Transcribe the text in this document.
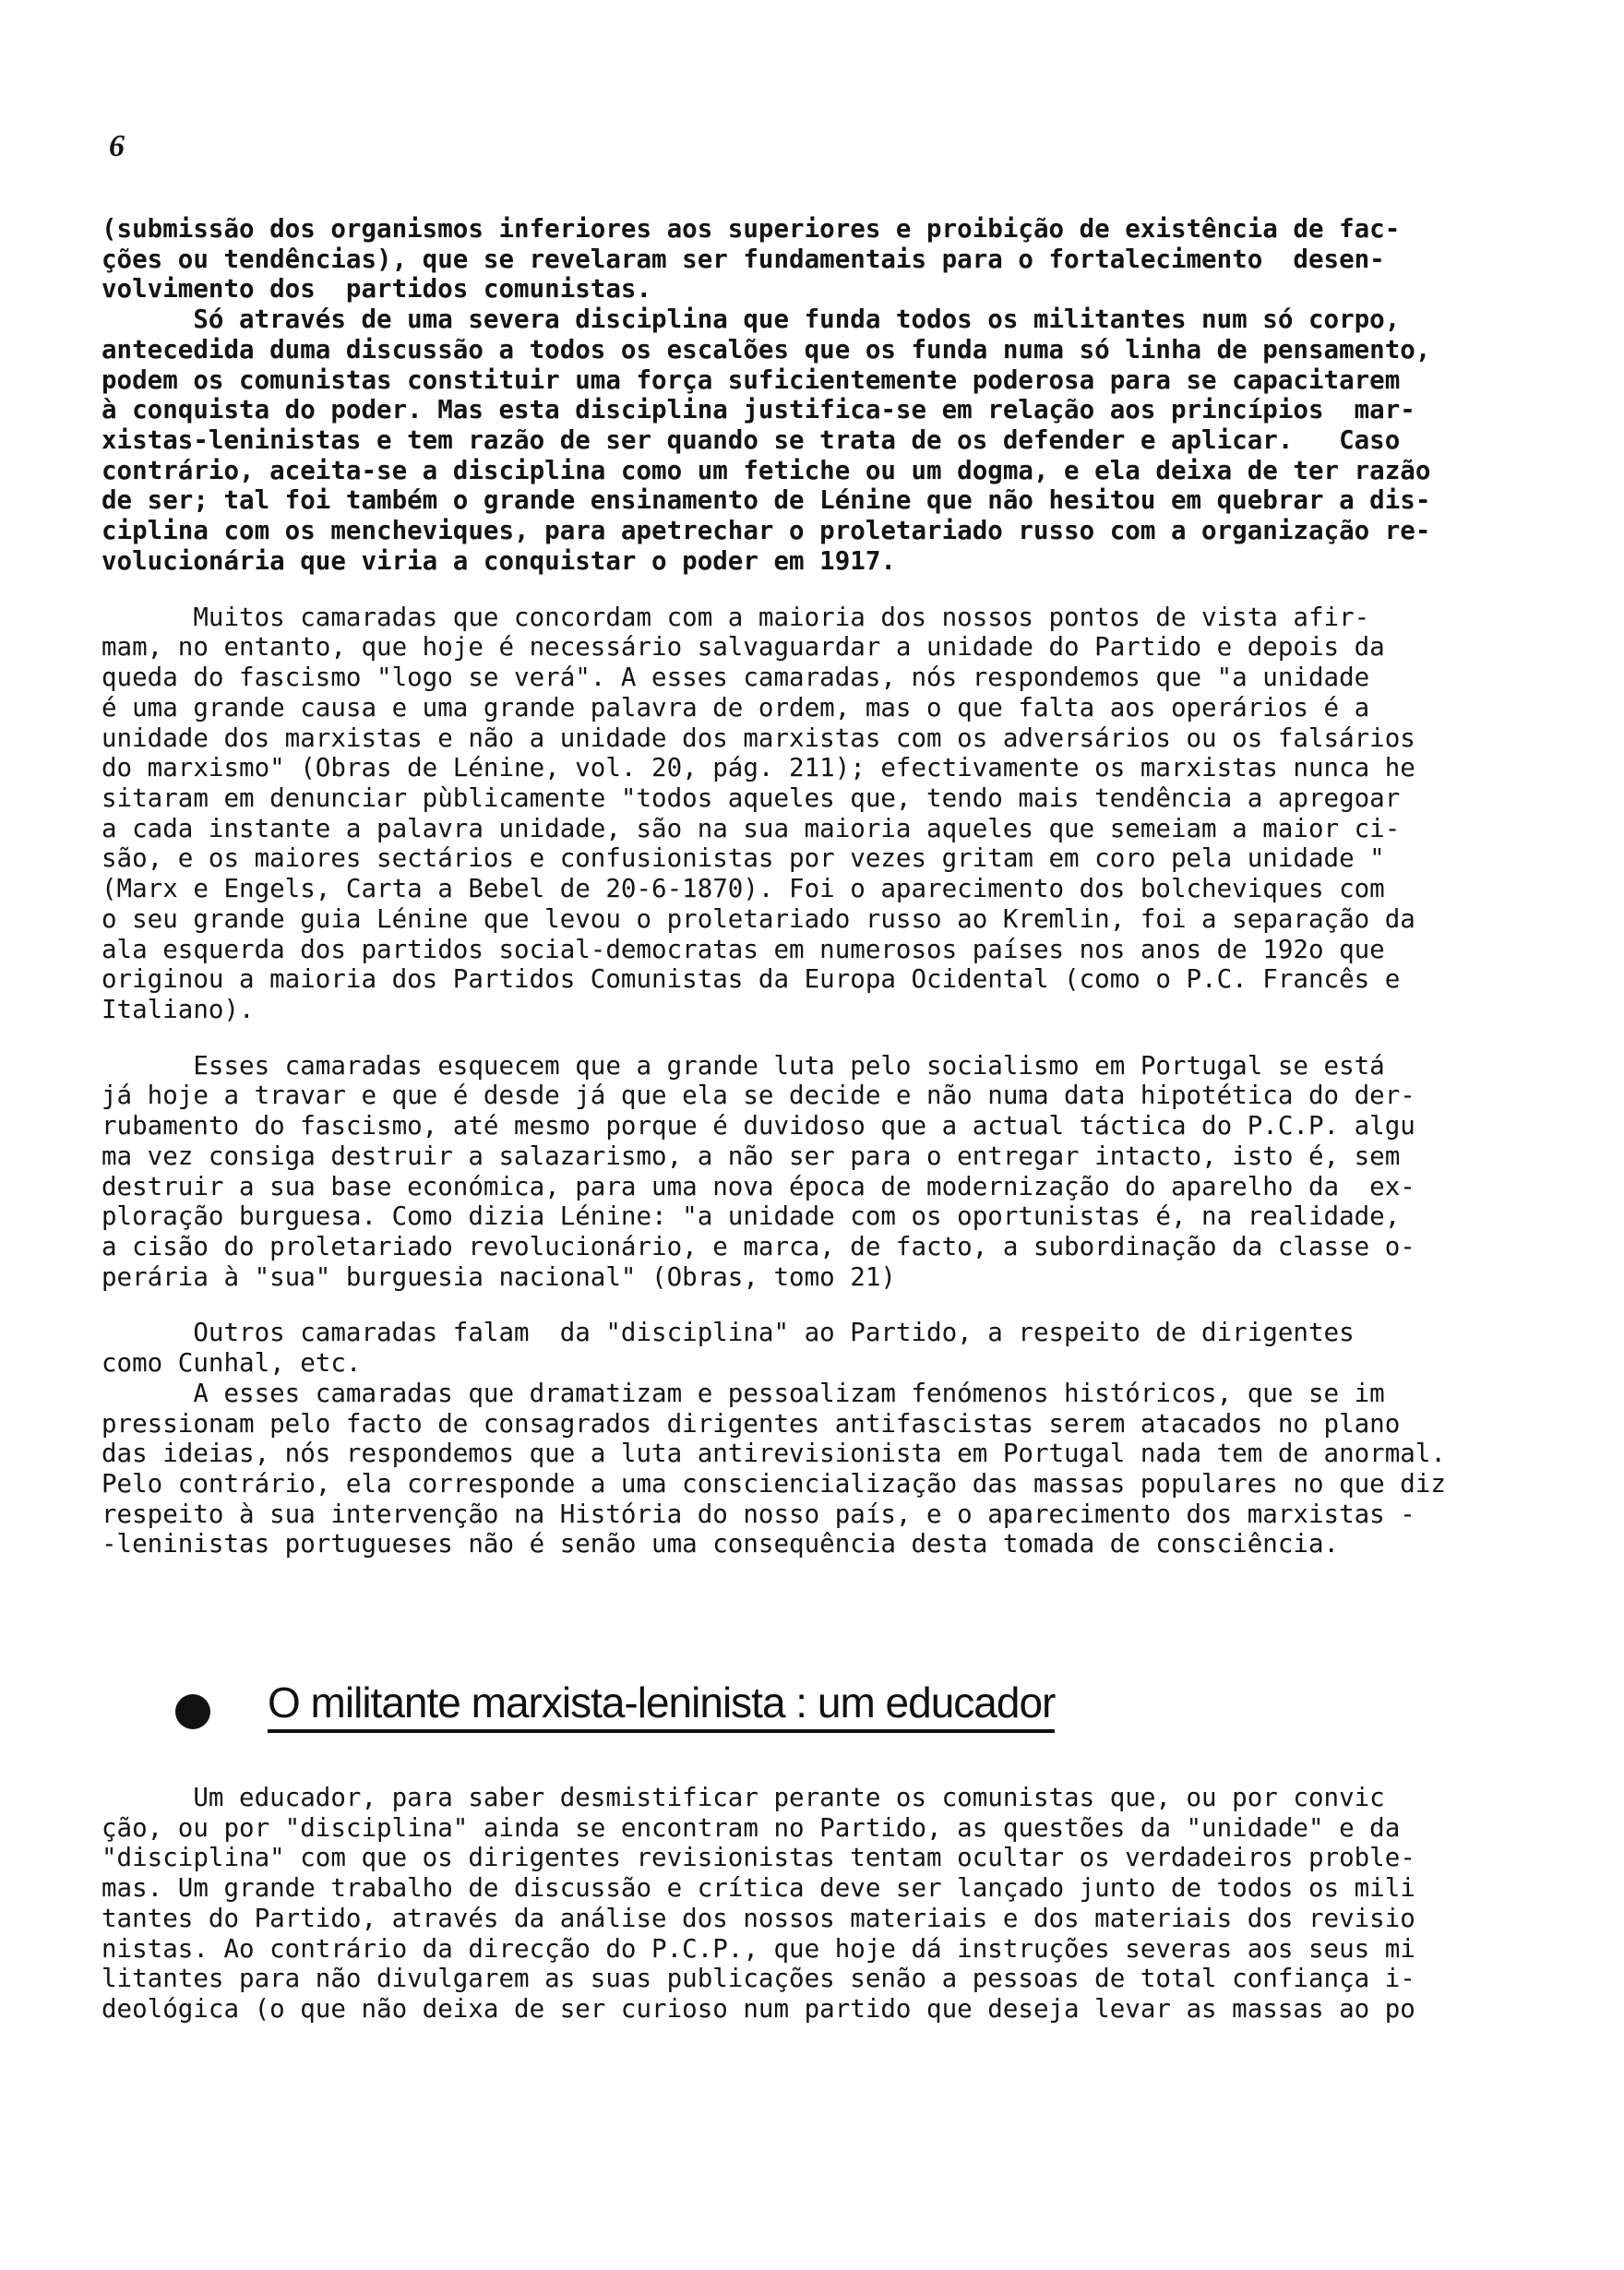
6

(submissão dos organismos inferiores aos superiores e proibição de existência de fac-

ções ou tendências), que se revelaram ser fundamentais para o fortalecimento  desen-

volvimento dos  partidos comunistas.

Só através de uma severa disciplina que funda todos os militantes num só corpo,

antecedida duma discussão a todos os escalões que os funda numa só linha de pensamento,

podem os comunistas constituir uma força suficientemente poderosa para se capacitarem

à conquista do poder. Mas esta disciplina justifica-se em relação aos princípios  mar-

xistas-leninistas e tem razão de ser quando se trata de os defender e aplicar.   Caso

contrário, aceita-se a disciplina como um fetiche ou um dogma, e ela deixa de ter razão

de ser; tal foi também o grande ensinamento de Lénine que não hesitou em quebrar a dis-

ciplina com os mencheviques, para apetrechar o proletariado russo com a organização re-

volucionária que viria a conquistar o poder em 1917.

Muitos camaradas que concordam com a maioria dos nossos pontos de vista afir-

mam, no entanto, que hoje é necessário salvaguardar a unidade do Partido e depois da

queda do fascismo "logo se verá". A esses camaradas, nós respondemos que "a unidade

é uma grande causa e uma grande palavra de ordem, mas o que falta aos operários é a

unidade dos marxistas e não a unidade dos marxistas com os adversários ou os falsários

do marxismo" (Obras de Lénine, vol. 20, pág. 211); efectivamente os marxistas nunca he

sitaram em denunciar pùblicamente "todos aqueles que, tendo mais tendência a apregoar

a cada instante a palavra unidade, são na sua maioria aqueles que semeiam a maior ci-

são, e os maiores sectários e confusionistas por vezes gritam em coro pela unidade "

(Marx e Engels, Carta a Bebel de 20-6-1870). Foi o aparecimento dos bolcheviques com

o seu grande guia Lénine que levou o proletariado russo ao Kremlin, foi a separação da

ala esquerda dos partidos social-democratas em numerosos países nos anos de 192o que

originou a maioria dos Partidos Comunistas da Europa Ocidental (como o P.C. Francês e

Italiano).

Esses camaradas esquecem que a grande luta pelo socialismo em Portugal se está

já hoje a travar e que é desde já que ela se decide e não numa data hipotética do der-

rubamento do fascismo, até mesmo porque é duvidoso que a actual táctica do P.C.P. algu

ma vez consiga destruir a salazarismo, a não ser para o entregar intacto, isto é, sem

destruir a sua base económica, para uma nova época de modernização do aparelho da  ex-

ploração burguesa. Como dizia Lénine: "a unidade com os oportunistas é, na realidade,

a cisão do proletariado revolucionário, e marca, de facto, a subordinação da classe o-

perária à "sua" burguesia nacional" (Obras, tomo 21)

Outros camaradas falam  da "disciplina" ao Partido, a respeito de dirigentes

como Cunhal, etc.

A esses camaradas que dramatizam e pessoalizam fenómenos históricos, que se im

pressionam pelo facto de consagrados dirigentes antifascistas serem atacados no plano

das ideias, nós respondemos que a luta antirevisionista em Portugal nada tem de anormal.

Pelo contrário, ela corresponde a uma consciencialização das massas populares no que diz

respeito à sua intervenção na História do nosso país, e o aparecimento dos marxistas -

-leninistas portugueses não é senão uma consequência desta tomada de consciência.

O militante marxista-leninista : um educador

Um educador, para saber desmistificar perante os comunistas que, ou por convic

ção, ou por "disciplina" ainda se encontram no Partido, as questões da "unidade" e da

"disciplina" com que os dirigentes revisionistas tentam ocultar os verdadeiros proble-

mas. Um grande trabalho de discussão e crítica deve ser lançado junto de todos os mili

tantes do Partido, através da análise dos nossos materiais e dos materiais dos revisio

nistas. Ao contrário da direcção do P.C.P., que hoje dá instruções severas aos seus mi

litantes para não divulgarem as suas publicações senão a pessoas de total confiança i-

deológica (o que não deixa de ser curioso num partido que deseja levar as massas ao po
